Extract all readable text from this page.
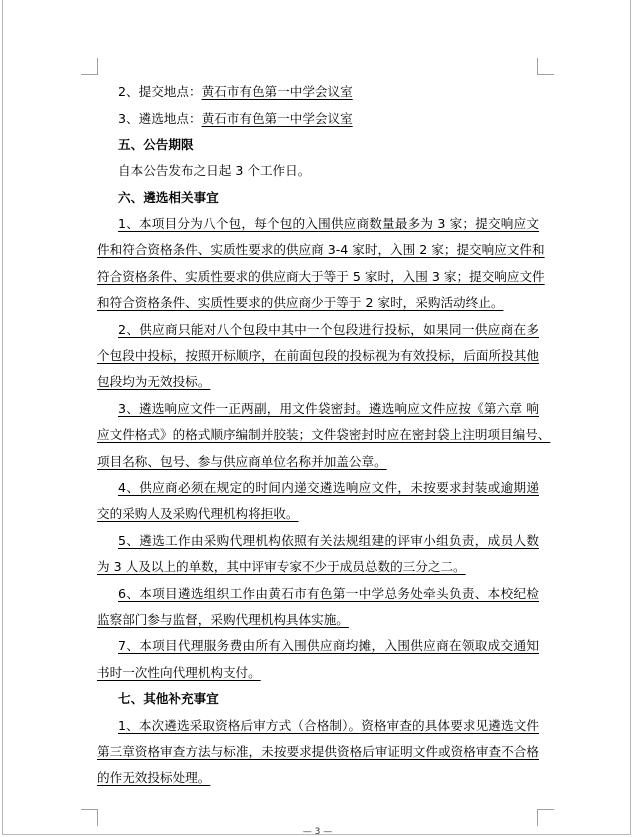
2、提交地点：黄石市有色第一中学会议室
3、遴选地点：黄石市有色第一中学会议室
五、公告期限
自本公告发布之日起 3 个工作日。
六、遴选相关事宜
1、本项目分为八个包，每个包的入围供应商数量最多为 3 家；提交响应文
件和符合资格条件、实质性要求的供应商 3-4 家时，入围 2 家；提交响应文件和
符合资格条件、实质性要求的供应商大于等于 5 家时，入围 3 家；提交响应文件
和符合资格条件、实质性要求的供应商少于等于 2 家时，采购活动终止。
2、供应商只能对八个包段中其中一个包段进行投标，如果同一供应商在多
个包段中投标，按照开标顺序，在前面包段的投标视为有效投标，后面所投其他
包段均为无效投标。
3、遴选响应文件一正两副，用文件袋密封。遴选响应文件应按《第六章 响
应文件格式》的格式顺序编制并胶装；文件袋密封时应在密封袋上注明项目编号、
项目名称、包号、参与供应商单位名称并加盖公章。
4、供应商必须在规定的时间内递交遴选响应文件，未按要求封装或逾期递
交的采购人及采购代理机构将拒收。
5、遴选工作由采购代理机构依照有关法规组建的评审小组负责，成员人数
为 3 人及以上的单数，其中评审专家不少于成员总数的三分之二。
6、本项目遴选组织工作由黄石市有色第一中学总务处牵头负责、本校纪检
监察部门参与监督，采购代理机构具体实施。
7、本项目代理服务费由所有入围供应商均摊，入围供应商在领取成交通知
书时一次性向代理机构支付。
七、其他补充事宜
1、本次遴选采取资格后审方式（合格制）。资格审查的具体要求见遴选文件
第三章资格审查方法与标准，未按要求提供资格后审证明文件或资格审查不合格
的作无效投标处理。
— 3 —
